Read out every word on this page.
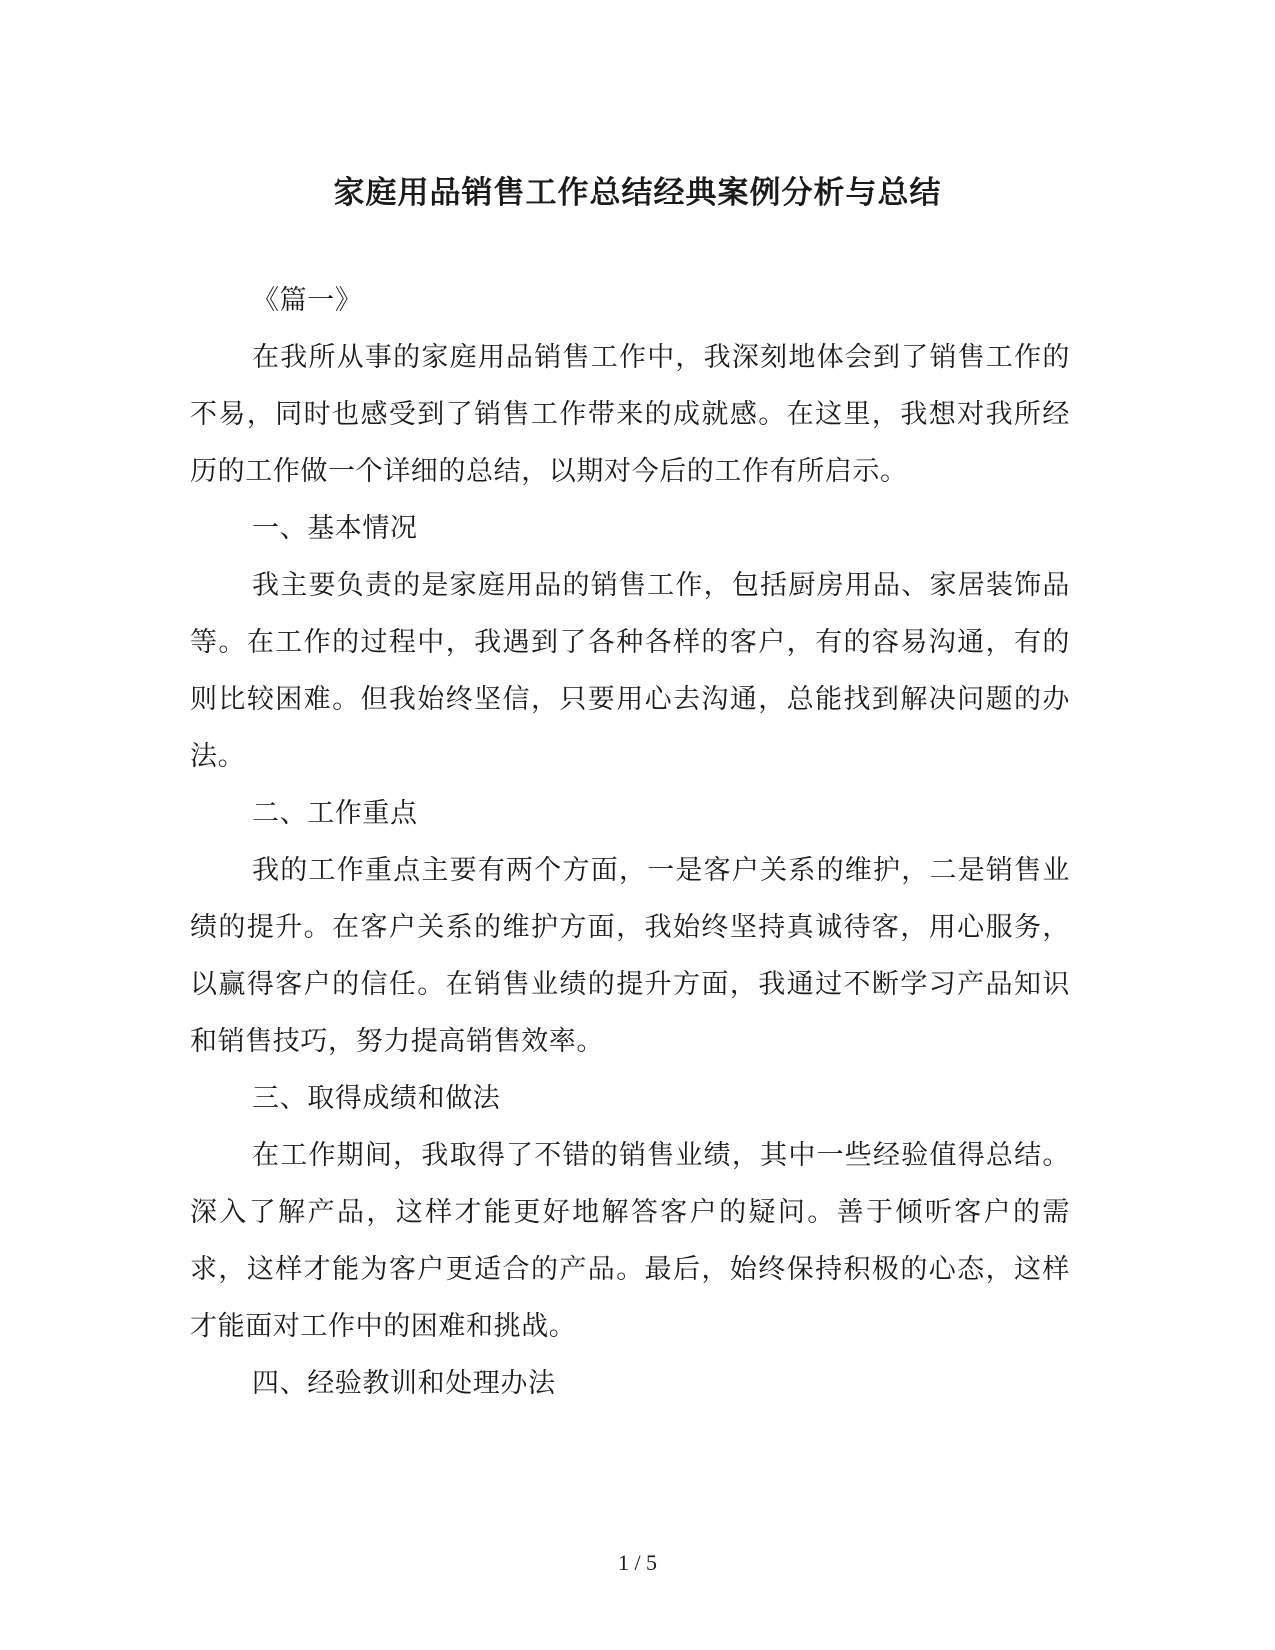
家庭用品销售工作总结经典案例分析与总结

《篇一》

在我所从事的家庭用品销售工作中，我深刻地体会到了销售工作的不易，同时也感受到了销售工作带来的成就感。在这里，我想对我所经历的工作做一个详细的总结，以期对今后的工作有所启示。

一、基本情况

我主要负责的是家庭用品的销售工作，包括厨房用品、家居装饰品等。在工作的过程中，我遇到了各种各样的客户，有的容易沟通，有的则比较困难。但我始终坚信，只要用心去沟通，总能找到解决问题的办法。

二、工作重点

我的工作重点主要有两个方面，一是客户关系的维护，二是销售业绩的提升。在客户关系的维护方面，我始终坚持真诚待客，用心服务，以赢得客户的信任。在销售业绩的提升方面，我通过不断学习产品知识和销售技巧，努力提高销售效率。

三、取得成绩和做法

在工作期间，我取得了不错的销售业绩，其中一些经验值得总结。深入了解产品，这样才能更好地解答客户的疑问。善于倾听客户的需求，这样才能为客户更适合的产品。最后，始终保持积极的心态，这样才能面对工作中的困难和挑战。

四、经验教训和处理办法

1 / 5
